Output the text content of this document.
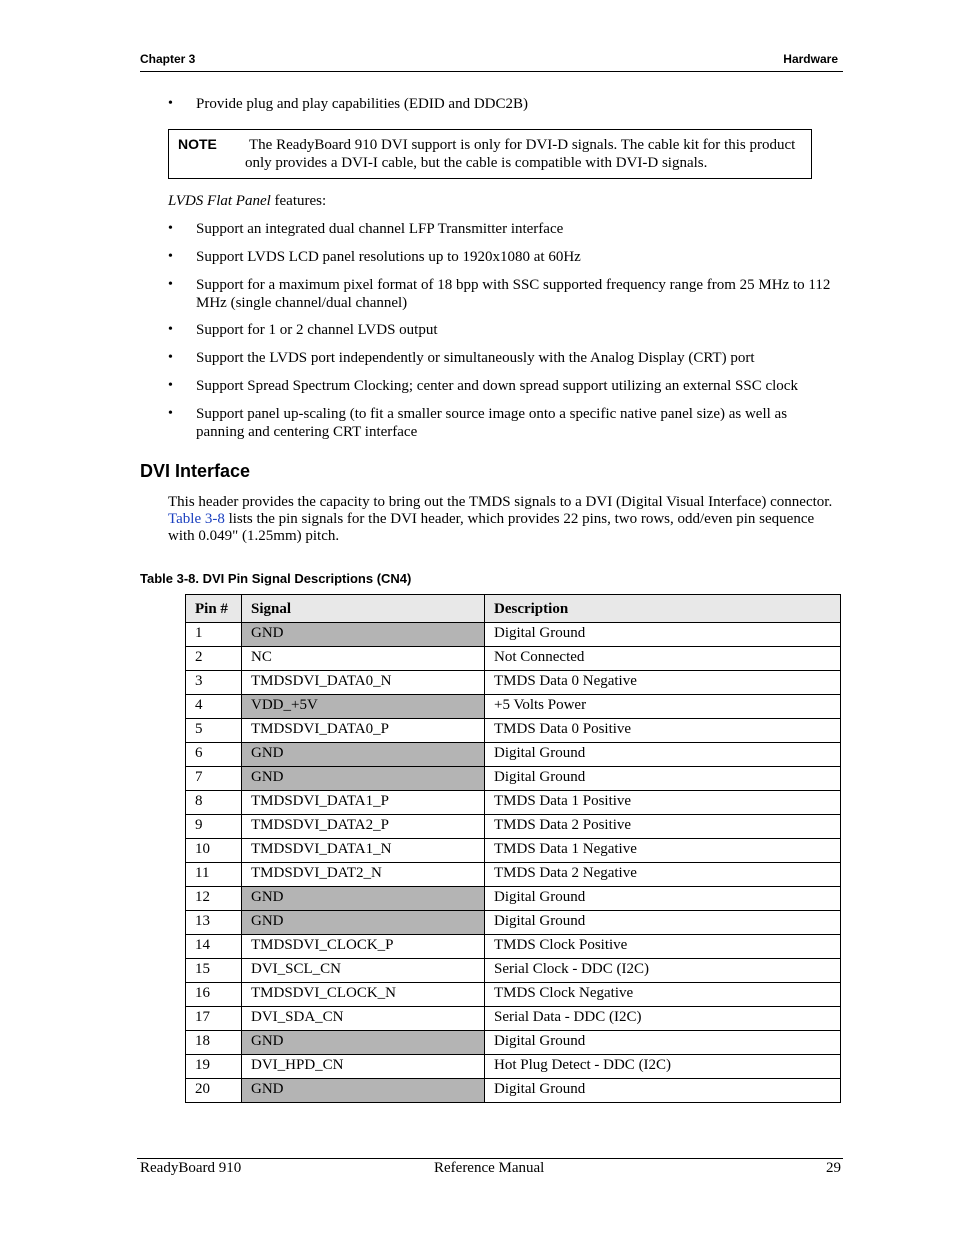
Chapter 3	Hardware
• Provide plug and play capabilities (EDID and DDC2B)
NOTE The ReadyBoard 910 DVI support is only for DVI-D signals. The cable kit for this product only provides a DVI-I cable, but the cable is compatible with DVI-D signals.
LVDS Flat Panel features:
• Support an integrated dual channel LFP Transmitter interface
• Support LVDS LCD panel resolutions up to 1920x1080 at 60Hz
• Support for a maximum pixel format of 18 bpp with SSC supported frequency range from 25 MHz to 112 MHz (single channel/dual channel)
• Support for 1 or 2 channel LVDS output
• Support the LVDS port independently or simultaneously with the Analog Display (CRT) port
• Support Spread Spectrum Clocking; center and down spread support utilizing an external SSC clock
• Support panel up-scaling (to fit a smaller source image onto a specific native panel size) as well as panning and centering CRT interface
DVI Interface
This header provides the capacity to bring out the TMDS signals to a DVI (Digital Visual Interface) connector. Table 3-8 lists the pin signals for the DVI header, which provides 22 pins, two rows, odd/even pin sequence with 0.049" (1.25mm) pitch.
Table 3-8. DVI Pin Signal Descriptions (CN4)
Pin #	Signal	Description
1	GND	Digital Ground
2	NC	Not Connected
3	TMDSDVI_DATA0_N	TMDS Data 0 Negative
4	VDD_+5V	+5 Volts Power
5	TMDSDVI_DATA0_P	TMDS Data 0 Positive
6	GND	Digital Ground
7	GND	Digital Ground
8	TMDSDVI_DATA1_P	TMDS Data 1 Positive
9	TMDSDVI_DATA2_P	TMDS Data 2 Positive
10	TMDSDVI_DATA1_N	TMDS Data 1 Negative
11	TMDSDVI_DAT2_N	TMDS Data 2 Negative
12	GND	Digital Ground
13	GND	Digital Ground
14	TMDSDVI_CLOCK_P	TMDS Clock Positive
15	DVI_SCL_CN	Serial Clock - DDC (I2C)
16	TMDSDVI_CLOCK_N	TMDS Clock Negative
17	DVI_SDA_CN	Serial Data - DDC (I2C)
18	GND	Digital Ground
19	DVI_HPD_CN	Hot Plug Detect - DDC (I2C)
20	GND	Digital Ground
ReadyBoard 910	Reference Manual	29
